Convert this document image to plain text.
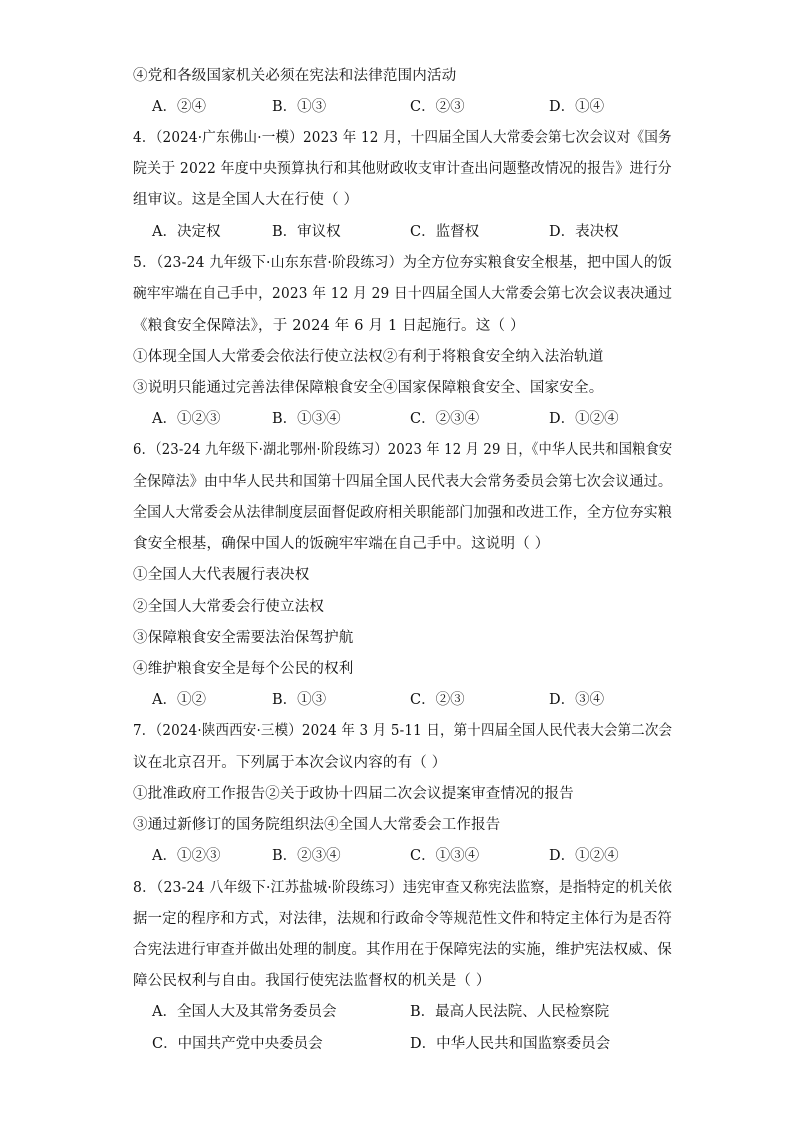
④党和各级国家机关必须在宪法和法律范围内活动
A．②④	B．①③	C．②③	D．①④
4．（2024·广东佛山·一模）2023 年 12 月，十四届全国人大常委会第七次会议对《国务
院关于 2022 年度中央预算执行和其他财政收支审计查出问题整改情况的报告》进行分
组审议。这是全国人大在行使（ ）
A．决定权	B．审议权	C．监督权	D．表决权
5．（23-24 九年级下·山东东营·阶段练习）为全方位夯实粮食安全根基，把中国人的饭
碗牢牢端在自己手中，2023 年 12 月 29 日十四届全国人大常委会第七次会议表决通过
《粮食安全保障法》，于 2024 年 6 月 1 日起施行。这（ ）
①体现全国人大常委会依法行使立法权②有利于将粮食安全纳入法治轨道
③说明只能通过完善法律保障粮食安全④国家保障粮食安全、国家安全。
A．①②③	B．①③④	C．②③④	D．①②④
6．（23-24 九年级下·湖北鄂州·阶段练习）2023 年 12 月 29 日，《中华人民共和国粮食安
全保障法》由中华人民共和国第十四届全国人民代表大会常务委员会第七次会议通过。
全国人大常委会从法律制度层面督促政府相关职能部门加强和改进工作，全方位夯实粮
食安全根基，确保中国人的饭碗牢牢端在自己手中。这说明（ ）
①全国人大代表履行表决权
②全国人大常委会行使立法权
③保障粮食安全需要法治保驾护航
④维护粮食安全是每个公民的权利
A．①②	B．①③	C．②③	D．③④
7．（2024·陕西西安·三模）2024 年 3 月 5-11 日，第十四届全国人民代表大会第二次会
议在北京召开。下列属于本次会议内容的有（ ）
①批准政府工作报告②关于政协十四届二次会议提案审查情况的报告
③通过新修订的国务院组织法④全国人大常委会工作报告
A．①②③	B．②③④	C．①③④	D．①②④
8．（23-24 八年级下·江苏盐城·阶段练习）违宪审查又称宪法监察，是指特定的机关依
据一定的程序和方式，对法律，法规和行政命令等规范性文件和特定主体行为是否符
合宪法进行审查并做出处理的制度。其作用在于保障宪法的实施，维护宪法权威、保
障公民权利与自由。我国行使宪法监督权的机关是（ ）
A．全国人大及其常务委员会	B．最高人民法院、人民检察院
C．中国共产党中央委员会	D．中华人民共和国监察委员会
